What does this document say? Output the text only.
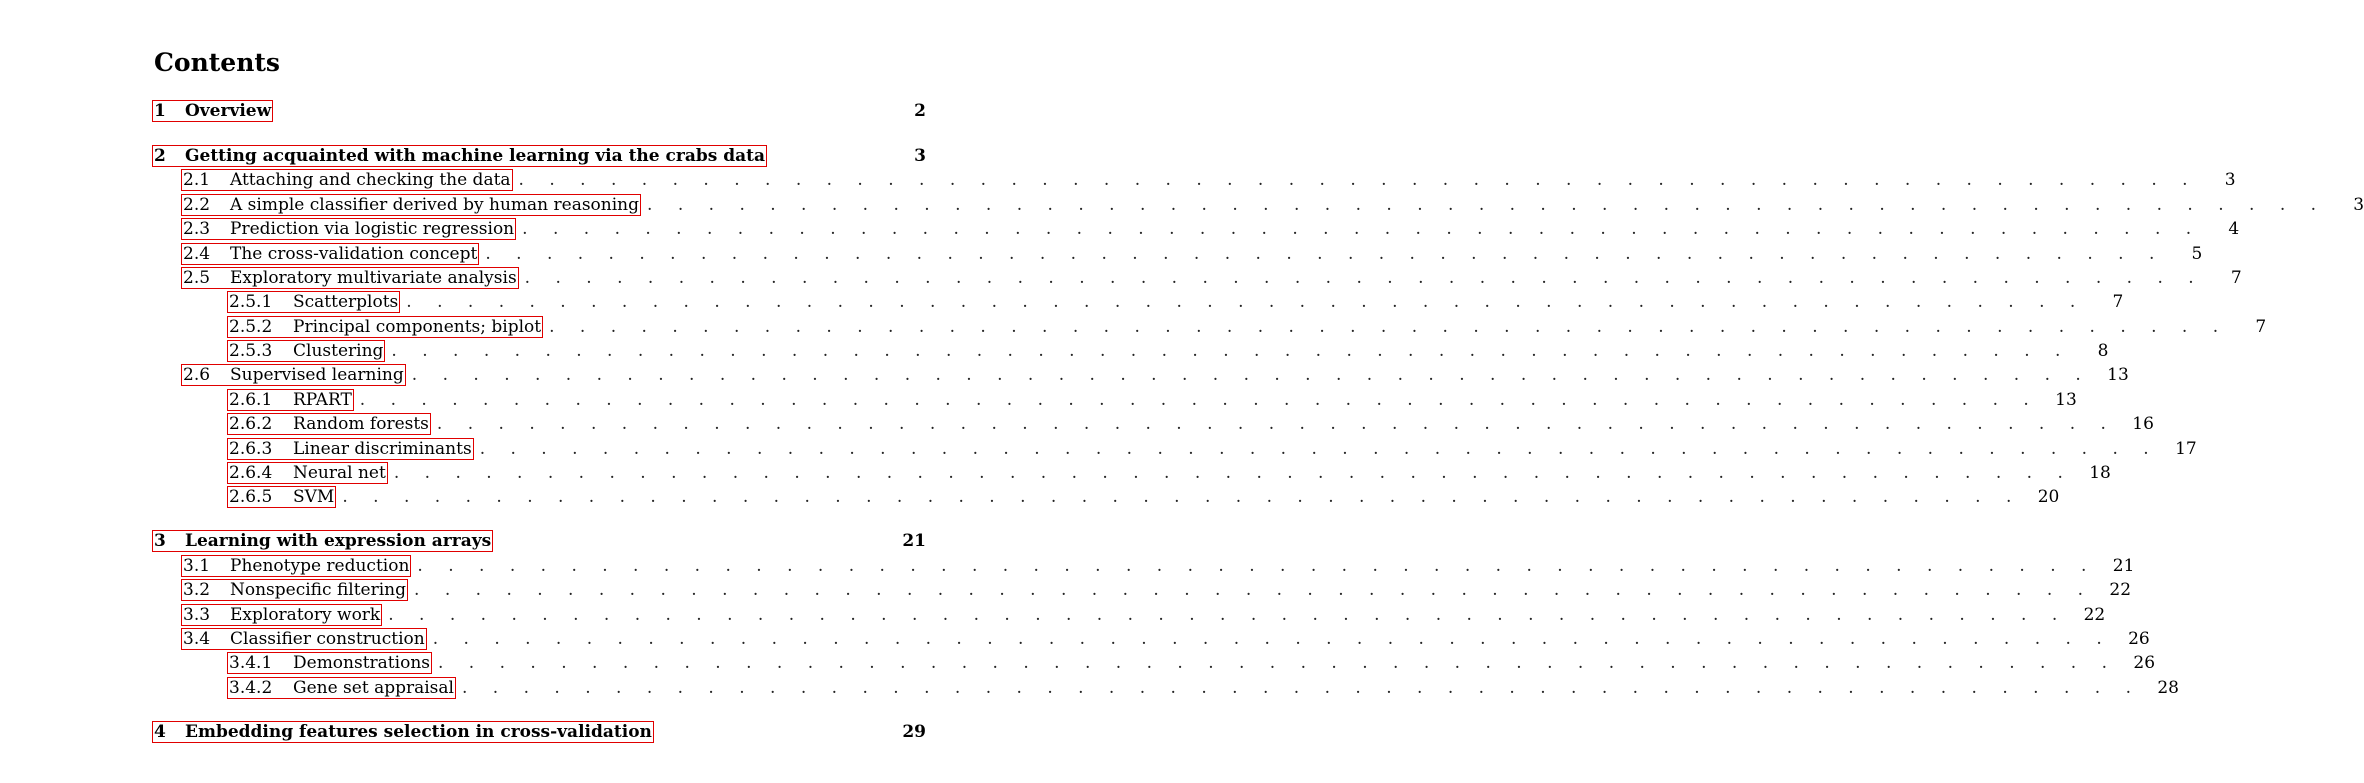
Contents
1	Overview	2
2	Getting acquainted with machine learning via the crabs data	3
2.1	Attaching and checking the data . . . . . . . . . . . . . . . . . . . . . . . . . . . . . . . . . . . . . . . . . . . . . . . . . . . . . . .	3
2.2	A simple classifier derived by human reasoning . . . . . . . . . . . . . . . . . . . . . . . . . . . . . . . . . . . . . . . . . . . . . . . . . . . . . . .	3
2.3	Prediction via logistic regression . . . . . . . . . . . . . . . . . . . . . . . . . . . . . . . . . . . . . . . . . . . . . . . . . . . . . . .	4
2.4	The cross-validation concept . . . . . . . . . . . . . . . . . . . . . . . . . . . . . . . . . . . . . . . . . . . . . . . . . . . . . . .	5
2.5	Exploratory multivariate analysis . . . . . . . . . . . . . . . . . . . . . . . . . . . . . . . . . . . . . . . . . . . . . . . . . . . . . . .	7
2.5.1	Scatterplots . . . . . . . . . . . . . . . . . . . . . . . . . . . . . . . . . . . . . . . . . . . . . . . . . . . . . . .	7
2.5.2	Principal components; biplot . . . . . . . . . . . . . . . . . . . . . . . . . . . . . . . . . . . . . . . . . . . . . . . . . . . . . . .	7
2.5.3	Clustering . . . . . . . . . . . . . . . . . . . . . . . . . . . . . . . . . . . . . . . . . . . . . . . . . . . . . . .	8
2.6	Supervised learning . . . . . . . . . . . . . . . . . . . . . . . . . . . . . . . . . . . . . . . . . . . . . . . . . . . . . . . 13
2.6.1	RPART . . . . . . . . . . . . . . . . . . . . . . . . . . . . . . . . . . . . . . . . . . . . . . . . . . . . . . . 13
2.6.2	Random forests . . . . . . . . . . . . . . . . . . . . . . . . . . . . . . . . . . . . . . . . . . . . . . . . . . . . . . . 16
2.6.3	Linear discriminants . . . . . . . . . . . . . . . . . . . . . . . . . . . . . . . . . . . . . . . . . . . . . . . . . . . . . . . 17
2.6.4	Neural net . . . . . . . . . . . . . . . . . . . . . . . . . . . . . . . . . . . . . . . . . . . . . . . . . . . . . . . 18
2.6.5	SVM . . . . . . . . . . . . . . . . . . . . . . . . . . . . . . . . . . . . . . . . . . . . . . . . . . . . . . . 20
3	Learning with expression arrays	21
3.1	Phenotype reduction . . . . . . . . . . . . . . . . . . . . . . . . . . . . . . . . . . . . . . . . . . . . . . . . . . . . . . . 21
3.2	Nonspecific filtering . . . . . . . . . . . . . . . . . . . . . . . . . . . . . . . . . . . . . . . . . . . . . . . . . . . . . . . 22
3.3	Exploratory work . . . . . . . . . . . . . . . . . . . . . . . . . . . . . . . . . . . . . . . . . . . . . . . . . . . . . . . 22
3.4	Classifier construction . . . . . . . . . . . . . . . . . . . . . . . . . . . . . . . . . . . . . . . . . . . . . . . . . . . . . . . 26
3.4.1	Demonstrations . . . . . . . . . . . . . . . . . . . . . . . . . . . . . . . . . . . . . . . . . . . . . . . . . . . . . . . 26
3.4.2	Gene set appraisal . . . . . . . . . . . . . . . . . . . . . . . . . . . . . . . . . . . . . . . . . . . . . . . . . . . . . . . 28
4	Embedding features selection in cross-validation	29
